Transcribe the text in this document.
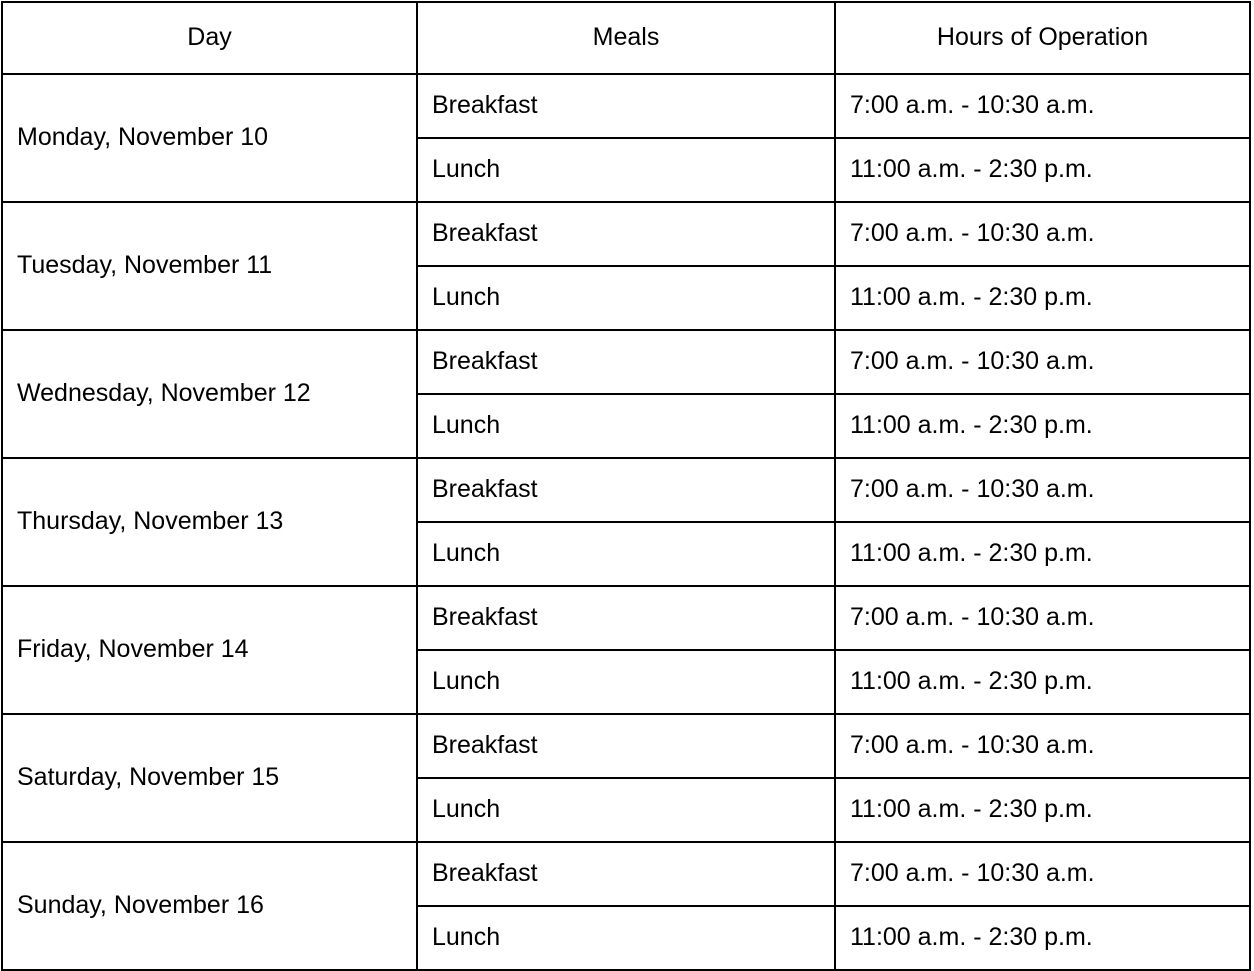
Day	Meals	Hours of Operation

Monday, November 10	Breakfast	7:00 a.m. - 10:30 a.m.

	Lunch	11:00 a.m. - 2:30 p.m.

Tuesday, November 11	Breakfast	7:00 a.m. - 10:30 a.m.

	Lunch	11:00 a.m. - 2:30 p.m.

Wednesday, November 12	Breakfast	7:00 a.m. - 10:30 a.m.

	Lunch	11:00 a.m. - 2:30 p.m.

Thursday, November 13	Breakfast	7:00 a.m. - 10:30 a.m.

	Lunch	11:00 a.m. - 2:30 p.m.

Friday, November 14	Breakfast	7:00 a.m. - 10:30 a.m.

	Lunch	11:00 a.m. - 2:30 p.m.

Saturday, November 15	Breakfast	7:00 a.m. - 10:30 a.m.

	Lunch	11:00 a.m. - 2:30 p.m.

Sunday, November 16	Breakfast	7:00 a.m. - 10:30 a.m.

	Lunch	11:00 a.m. - 2:30 p.m.
